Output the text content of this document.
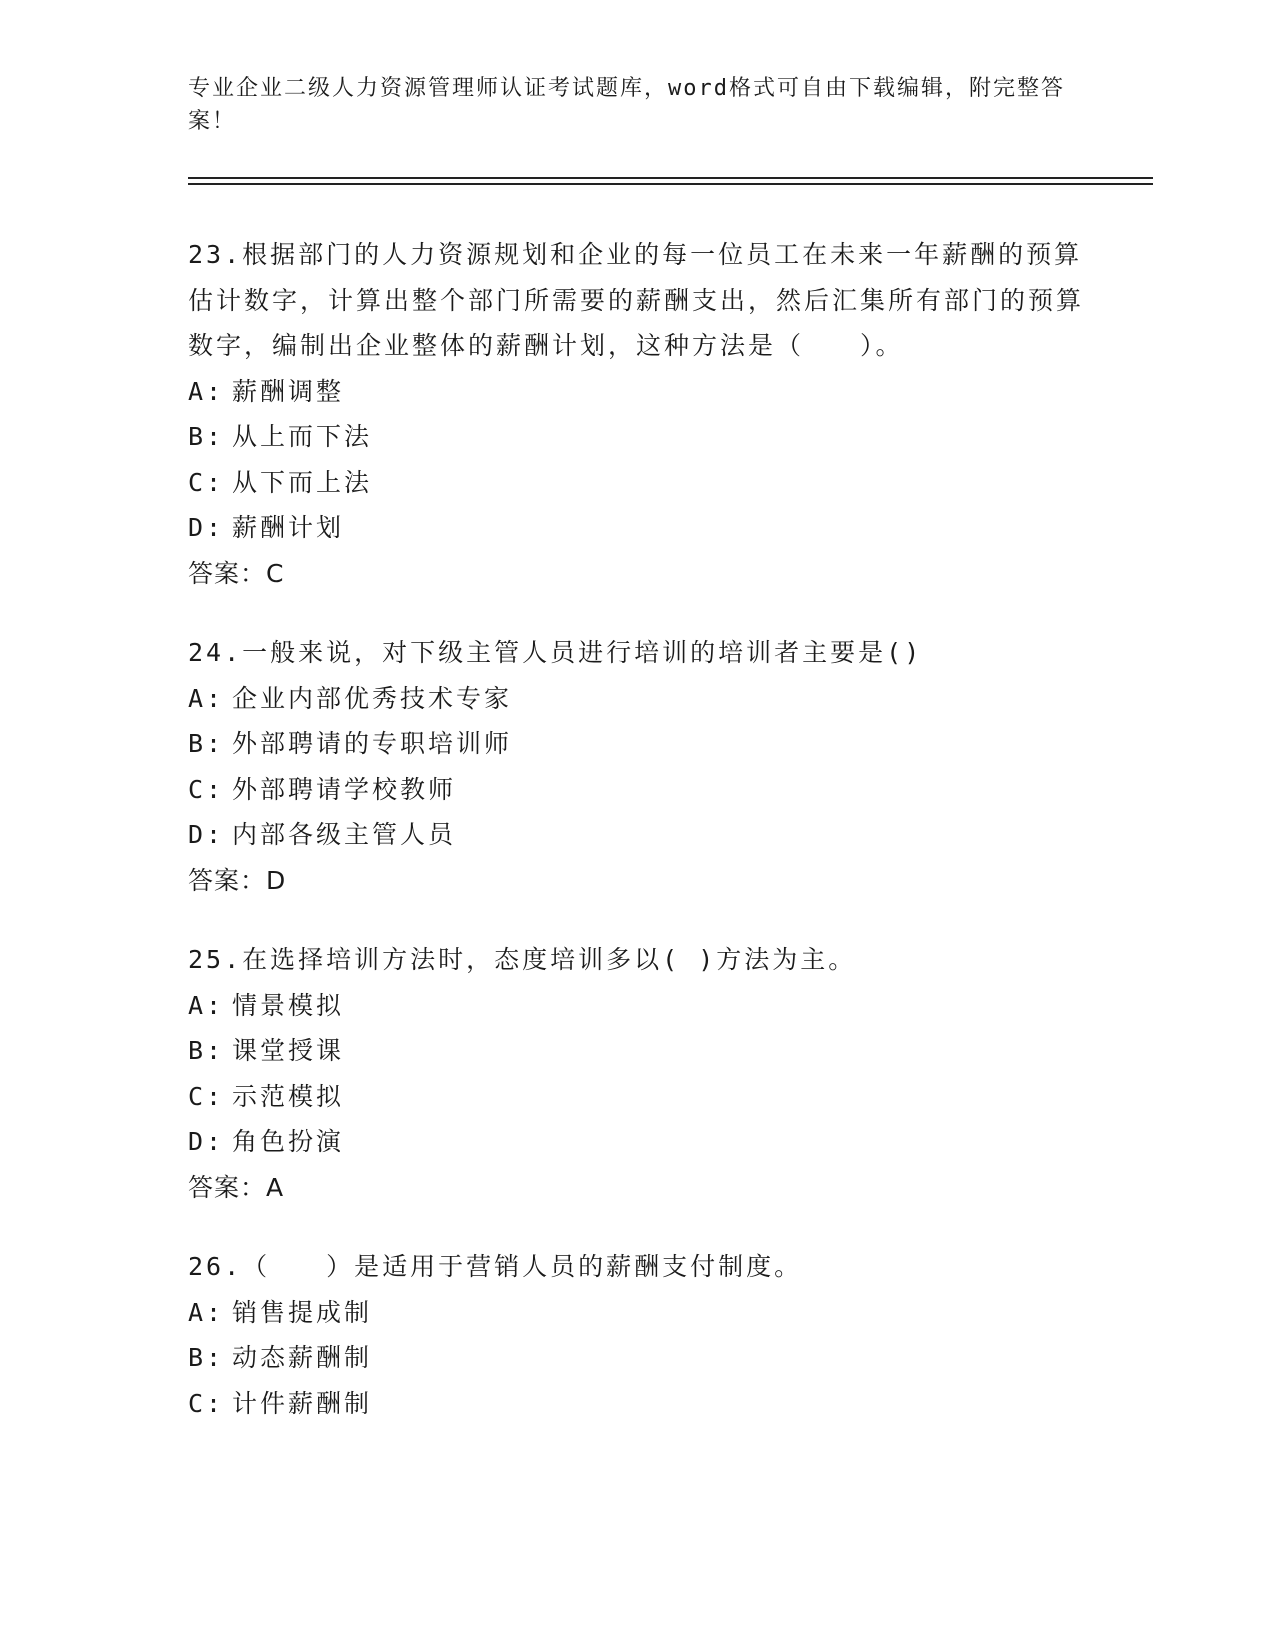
专业企业二级人力资源管理师认证考试题库，word格式可自由下载编辑，附完整答案！

23.根据部门的人力资源规划和企业的每一位员工在未来一年薪酬的预算估计数字，计算出整个部门所需要的薪酬支出，然后汇集所有部门的预算数字，编制出企业整体的薪酬计划，这种方法是（　　）。

A: 薪酬调整

B: 从上而下法

C: 从下而上法

D: 薪酬计划

答案：C

24.一般来说，对下级主管人员进行培训的培训者主要是()

A: 企业内部优秀技术专家

B: 外部聘请的专职培训师

C: 外部聘请学校教师

D: 内部各级主管人员

答案：D

25.在选择培训方法时，态度培训多以( )方法为主。

A: 情景模拟

B: 课堂授课

C: 示范模拟

D: 角色扮演

答案：A

26.（　　）是适用于营销人员的薪酬支付制度。

A: 销售提成制

B: 动态薪酬制

C: 计件薪酬制
